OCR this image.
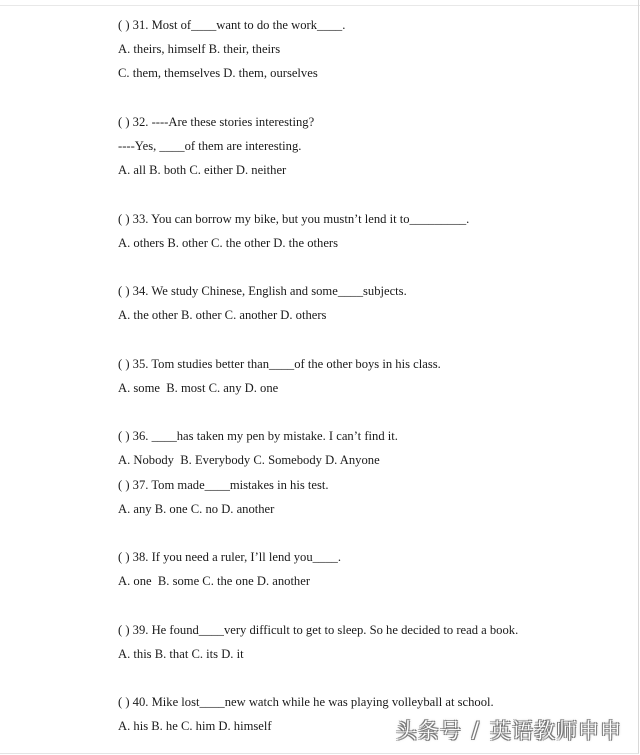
( ) 31. Most of____want to do the work____.
A. theirs, himself B. their, theirs
C. them, themselves D. them, ourselves
( ) 32. ----Are these stories interesting?
----Yes, ____of them are interesting.
A. all B. both C. either D. neither
( ) 33. You can borrow my bike, but you mustn’t lend it to_________.
A. others B. other C. the other D. the others
( ) 34. We study Chinese, English and some____subjects.
A. the other B. other C. another D. others
( ) 35. Tom studies better than____of the other boys in his class.
A. some  B. most C. any D. one
( ) 36. ____has taken my pen by mistake. I can’t find it.
A. Nobody  B. Everybody C. Somebody D. Anyone
( ) 37. Tom made____mistakes in his test.
A. any B. one C. no D. another
( ) 38. If you need a ruler, I’ll lend you____.
A. one  B. some C. the one D. another
( ) 39. He found____very difficult to get to sleep. So he decided to read a book.
A. this B. that C. its D. it
( ) 40. Mike lost____new watch while he was playing volleyball at school.
A. his B. he C. him D. himself	头条号 / 英语教师申申
